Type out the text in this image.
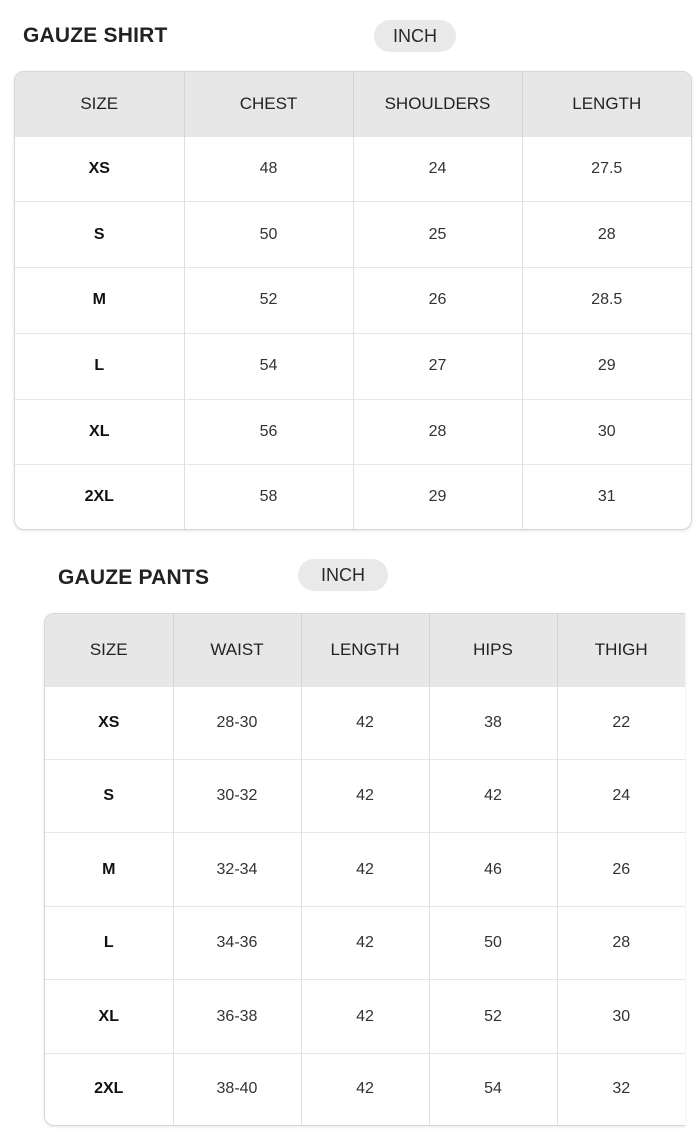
GAUZE SHIRT	INCH
SIZE	CHEST	SHOULDERS	LENGTH
XS	48	24	27.5
S	50	25	28
M	52	26	28.5
L	54	27	29
XL	56	28	30
2XL	58	29	31
GAUZE PANTS	INCH
SIZE	WAIST	LENGTH	HIPS	THIGH
XS	28-30	42	38	22
S	30-32	42	42	24
M	32-34	42	46	26
L	34-36	42	50	28
XL	36-38	42	52	30
2XL	38-40	42	54	32
